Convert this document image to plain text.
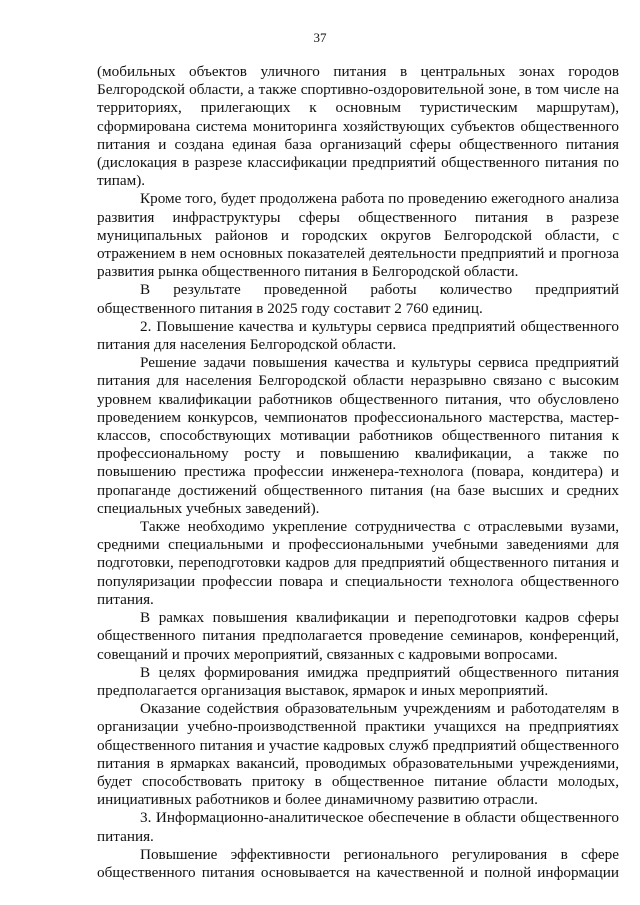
37

(мобильных объектов уличного питания в центральных зонах городов Белгородской области, а также спортивно-оздоровительной зоне, в том числе на территориях, прилегающих к основным туристическим маршрутам), сформирована система мониторинга хозяйствующих субъектов общественного питания и создана единая база организаций сферы общественного питания (дислокация в разрезе классификации предприятий общественного питания по типам).

Кроме того, будет продолжена работа по проведению ежегодного анализа развития инфраструктуры сферы общественного питания в разрезе муниципальных районов и городских округов Белгородской области, с отражением в нем основных показателей деятельности предприятий и прогноза развития рынка общественного питания в Белгородской области.

В результате проведенной работы количество предприятий общественного питания в 2025 году составит 2 760 единиц.

2. Повышение качества и культуры сервиса предприятий общественного питания для населения Белгородской области.

Решение задачи повышения качества и культуры сервиса предприятий питания для населения Белгородской области неразрывно связано с высоким уровнем квалификации работников общественного питания, что обусловлено проведением конкурсов, чемпионатов профессионального мастерства, мастер-классов, способствующих мотивации работников общественного питания к профессиональному росту и повышению квалификации, а также по повышению престижа профессии инженера-технолога (повара, кондитера) и пропаганде достижений общественного питания (на базе высших и средних специальных учебных заведений).

Также необходимо укрепление сотрудничества с отраслевыми вузами, средними специальными и профессиональными учебными заведениями для подготовки, переподготовки кадров для предприятий общественного питания и популяризации профессии повара и специальности технолога общественного питания.

В рамках повышения квалификации и переподготовки кадров сферы общественного питания предполагается проведение семинаров, конференций, совещаний и прочих мероприятий, связанных с кадровыми вопросами.

В целях формирования имиджа предприятий общественного питания предполагается организация выставок, ярмарок и иных мероприятий.

Оказание содействия образовательным учреждениям и работодателям в организации учебно-производственной практики учащихся на предприятиях общественного питания и участие кадровых служб предприятий общественного питания в ярмарках вакансий, проводимых образовательными учреждениями, будет способствовать притоку в общественное питание области молодых, инициативных работников и более динамичному развитию отрасли.

3. Информационно-аналитическое обеспечение в области общественного питания.

Повышение эффективности регионального регулирования в сфере общественного питания основывается на качественной и полной информации
